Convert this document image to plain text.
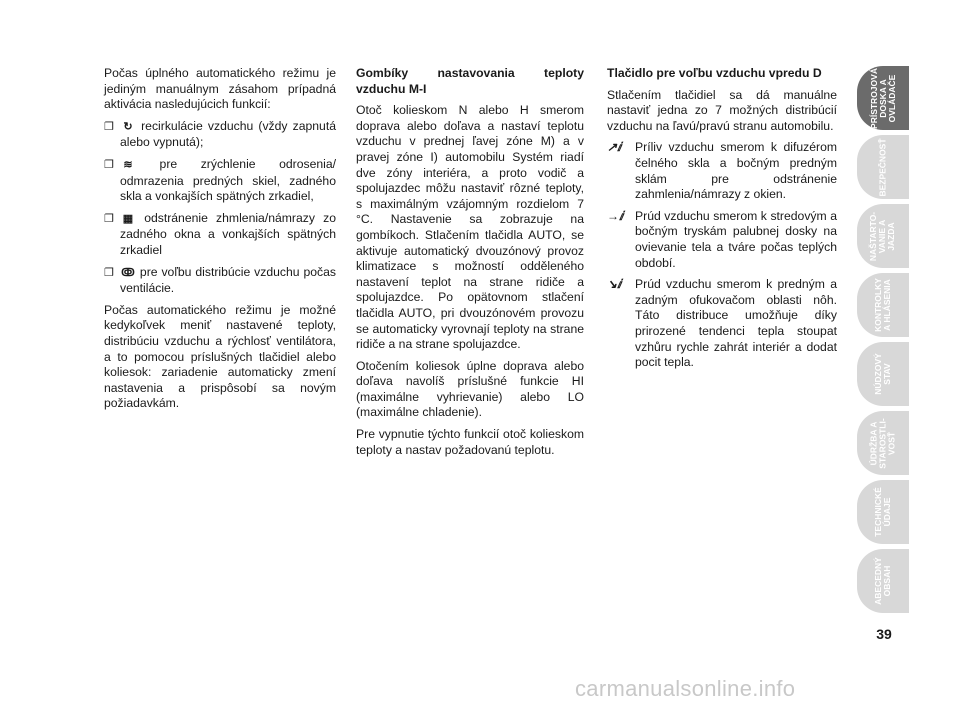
Počas úplného automatického režimu je jediným manuálnym zásahom prípadná aktivácia nasledujúcich funkcií:

❐ ↻ recirkulácie vzduchu (vždy zapnutá alebo vypnutá);

❐ ≋ pre zrýchlenie odrosenia/ odmrazenia predných skiel, zadného skla a vonkajších spätných zrkadiel,

❐ ▦ odstránenie zhmlenia/námrazy zo zadného okna a vonkajších spätných zrkadiel

❐ ↂ pre voľbu distribúcie vzduchu počas ventilácie.

Počas automatického režimu je možné kedykoľvek meniť nastavené teploty, distribúciu vzduchu a rýchlosť ventilátora, a to pomocou príslušných tlačidiel alebo koliesok: zariadenie automaticky zmení nastavenia a prispôsobí sa novým požiadavkám.

Gombíky nastavovania teploty vzduchu M-I

Otoč kolieskom N alebo H smerom doprava alebo doľava a nastaví teplotu vzduchu v prednej ľavej zóne M) a v pravej zóne I) automobilu Systém riadí dve zóny interiéra, a proto vodič a spolujazdec môžu nastaviť rôzné teploty, s maximálným vzájomným rozdielom 7 °C. Nastavenie sa zobrazuje na gombíkoch. Stlačením tlačidla AUTO, se aktivuje automatický dvouzónový provoz klimatizace s možností odděleného nastavení teplot na strane ridiče a spolujazdce. Po opätovnom stlačení tlačidla AUTO, pri dvouzónovém provozu se automaticky vyrovnají teploty na strane ridiče a na strane spolujazdce.

Otočením koliesok úplne doprava alebo doľava navolíš príslušné funkcie HI (maximálne vyhrievanie) alebo LO (maximálne chladenie).

Pre vypnutie týchto funkcií otoč kolieskom teploty a nastav požadovanú teplotu.

Tlačidlo pre voľbu vzduchu vpredu D

Stlačením tlačidiel sa dá manuálne nastaviť jedna zo 7 možných distribúcií vzduchu na ľavú/pravú stranu automobilu.

↗ⅈ Príliv vzduchu smerom k difuzérom čelného skla a bočným predným sklám pre odstránenie zahmlenia/námrazy z okien.

→ⅈ Prúd vzduchu smerom k stredovým a bočným tryskám palubnej dosky na ovievanie tela a tváre počas teplých období.

↘ⅈ Prúd vzduchu smerom k predným a zadným ofukovačom oblasti nôh. Táto distribuce umožňuje díky prirozené tendenci tepla stoupat vzhůru rychle zahrát interiér a dodat pocit tepla.

PRÍSTROJOVÁ
DOSKA A
OVLÁDAČE
BEZPEČNOSŤ
NAŠTARTO-
VANIE A
JAZDA
KONTROLKY
A HLÁSENIA
NÚDZOVÝ
STAV
ÚDRŽBA A
STAROSTLI-
VOSŤ
TECHNICKÉ
ÚDAJE
ABECEDNÝ
OBSAH
39
carmanualsonline.info
